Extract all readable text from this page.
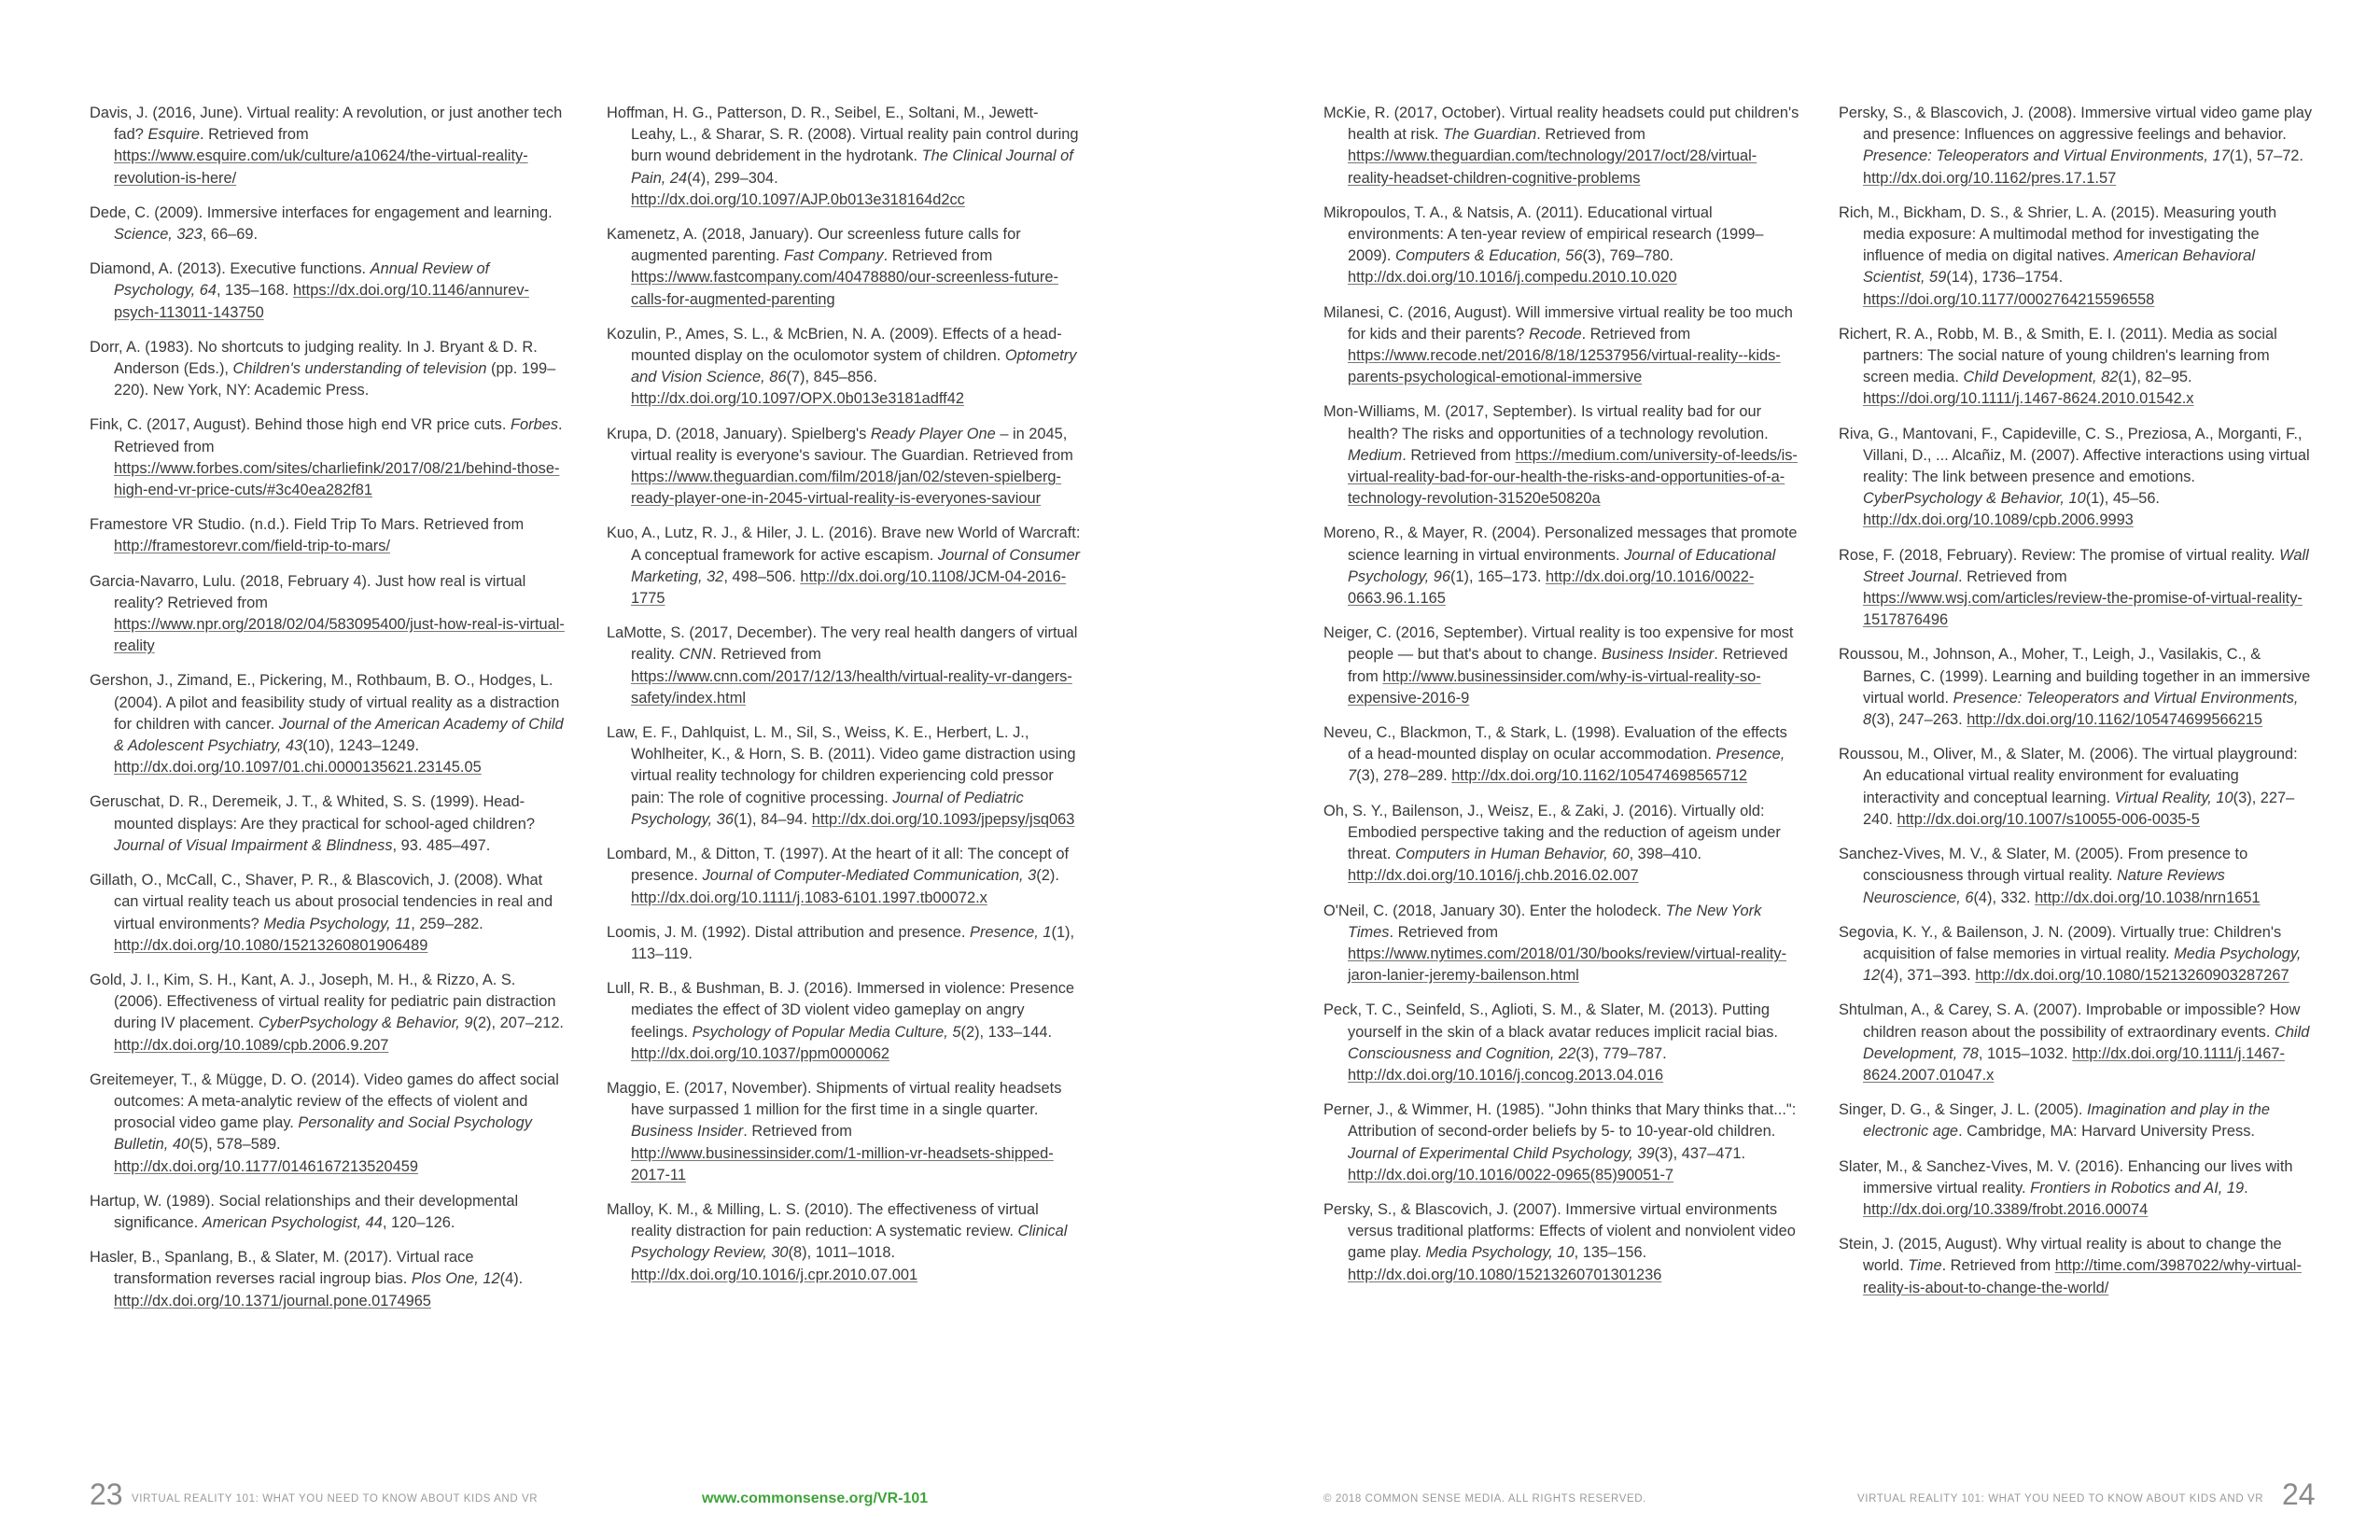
Davis, J. (2016, June). Virtual reality: A revolution, or just another tech fad? Esquire. Retrieved from https://www.esquire.com/uk/culture/a10624/the-virtual-reality-revolution-is-here/

Dede, C. (2009). Immersive interfaces for engagement and learning. Science, 323, 66–69.

Diamond, A. (2013). Executive functions. Annual Review of Psychology, 64, 135–168. https://dx.doi.org/10.1146/annurev-psych-113011-143750

Dorr, A. (1983). No shortcuts to judging reality. In J. Bryant & D. R. Anderson (Eds.), Children's understanding of television (pp. 199–220). New York, NY: Academic Press.

Fink, C. (2017, August). Behind those high end VR price cuts. Forbes. Retrieved from https://www.forbes.com/sites/charliefink/2017/08/21/behind-those-high-end-vr-price-cuts/#3c40ea282f81

Framestore VR Studio. (n.d.). Field Trip To Mars. Retrieved from http://framestorevr.com/field-trip-to-mars/

Garcia-Navarro, Lulu. (2018, February 4). Just how real is virtual reality? Retrieved from https://www.npr.org/2018/02/04/583095400/just-how-real-is-virtual-reality

Gershon, J., Zimand, E., Pickering, M., Rothbaum, B. O., Hodges, L. (2004). A pilot and feasibility study of virtual reality as a distraction for children with cancer. Journal of the American Academy of Child & Adolescent Psychiatry, 43(10), 1243–1249. http://dx.doi.org/10.1097/01.chi.0000135621.23145.05

Geruschat, D. R., Deremeik, J. T., & Whited, S. S. (1999). Head-mounted displays: Are they practical for school-aged children? Journal of Visual Impairment & Blindness, 93. 485–497.

Gillath, O., McCall, C., Shaver, P. R., & Blascovich, J. (2008). What can virtual reality teach us about prosocial tendencies in real and virtual environments? Media Psychology, 11, 259–282. http://dx.doi.org/10.1080/15213260801906489

Gold, J. I., Kim, S. H., Kant, A. J., Joseph, M. H., & Rizzo, A. S. (2006). Effectiveness of virtual reality for pediatric pain distraction during IV placement. CyberPsychology & Behavior, 9(2), 207–212. http://dx.doi.org/10.1089/cpb.2006.9.207

Greitemeyer, T., & Mügge, D. O. (2014). Video games do affect social outcomes: A meta-analytic review of the effects of violent and prosocial video game play. Personality and Social Psychology Bulletin, 40(5), 578–589. http://dx.doi.org/10.1177/0146167213520459

Hartup, W. (1989). Social relationships and their developmental significance. American Psychologist, 44, 120–126.

Hasler, B., Spanlang, B., & Slater, M. (2017). Virtual race transformation reverses racial ingroup bias. Plos One, 12(4). http://dx.doi.org/10.1371/journal.pone.0174965

Hoffman, H. G., Patterson, D. R., Seibel, E., Soltani, M., Jewett-Leahy, L., & Sharar, S. R. (2008). Virtual reality pain control during burn wound debridement in the hydrotank. The Clinical Journal of Pain, 24(4), 299–304. http://dx.doi.org/10.1097/AJP.0b013e318164d2cc

Kamenetz, A. (2018, January). Our screenless future calls for augmented parenting. Fast Company. Retrieved from https://www.fastcompany.com/40478880/our-screenless-future-calls-for-augmented-parenting

Kozulin, P., Ames, S. L., & McBrien, N. A. (2009). Effects of a head-mounted display on the oculomotor system of children. Optometry and Vision Science, 86(7), 845–856. http://dx.doi.org/10.1097/OPX.0b013e3181adff42

Krupa, D. (2018, January). Spielberg's Ready Player One – in 2045, virtual reality is everyone's saviour. The Guardian. Retrieved from https://www.theguardian.com/film/2018/jan/02/steven-spielberg-ready-player-one-in-2045-virtual-reality-is-everyones-saviour

Kuo, A., Lutz, R. J., & Hiler, J. L. (2016). Brave new World of Warcraft: A conceptual framework for active escapism. Journal of Consumer Marketing, 32, 498–506. http://dx.doi.org/10.1108/JCM-04-2016-1775

LaMotte, S. (2017, December). The very real health dangers of virtual reality. CNN. Retrieved from https://www.cnn.com/2017/12/13/health/virtual-reality-vr-dangers-safety/index.html

Law, E. F., Dahlquist, L. M., Sil, S., Weiss, K. E., Herbert, L. J., Wohlheiter, K., & Horn, S. B. (2011). Video game distraction using virtual reality technology for children experiencing cold pressor pain: The role of cognitive processing. Journal of Pediatric Psychology, 36(1), 84–94. http://dx.doi.org/10.1093/jpepsy/jsq063

Lombard, M., & Ditton, T. (1997). At the heart of it all: The concept of presence. Journal of Computer-Mediated Communication, 3(2). http://dx.doi.org/10.1111/j.1083-6101.1997.tb00072.x

Loomis, J. M. (1992). Distal attribution and presence. Presence, 1(1), 113–119.

Lull, R. B., & Bushman, B. J. (2016). Immersed in violence: Presence mediates the effect of 3D violent video gameplay on angry feelings. Psychology of Popular Media Culture, 5(2), 133–144. http://dx.doi.org/10.1037/ppm0000062

Maggio, E. (2017, November). Shipments of virtual reality headsets have surpassed 1 million for the first time in a single quarter. Business Insider. Retrieved from http://www.businessinsider.com/1-million-vr-headsets-shipped-2017-11

Malloy, K. M., & Milling, L. S. (2010). The effectiveness of virtual reality distraction for pain reduction: A systematic review. Clinical Psychology Review, 30(8), 1011–1018. http://dx.doi.org/10.1016/j.cpr.2010.07.001

McKie, R. (2017, October). Virtual reality headsets could put children's health at risk. The Guardian. Retrieved from https://www.theguardian.com/technology/2017/oct/28/virtual-reality-headset-children-cognitive-problems

Mikropoulos, T. A., & Natsis, A. (2011). Educational virtual environments: A ten-year review of empirical research (1999–2009). Computers & Education, 56(3), 769–780. http://dx.doi.org/10.1016/j.compedu.2010.10.020

Milanesi, C. (2016, August). Will immersive virtual reality be too much for kids and their parents? Recode. Retrieved from https://www.recode.net/2016/8/18/12537956/virtual-reality--kids-parents-psychological-emotional-immersive

Mon-Williams, M. (2017, September). Is virtual reality bad for our health? The risks and opportunities of a technology revolution. Medium. Retrieved from https://medium.com/university-of-leeds/is-virtual-reality-bad-for-our-health-the-risks-and-opportunities-of-a-technology-revolution-31520e50820a

Moreno, R., & Mayer, R. (2004). Personalized messages that promote science learning in virtual environments. Journal of Educational Psychology, 96(1), 165–173. http://dx.doi.org/10.1016/0022-0663.96.1.165

Neiger, C. (2016, September). Virtual reality is too expensive for most people — but that's about to change. Business Insider. Retrieved from http://www.businessinsider.com/why-is-virtual-reality-so-expensive-2016-9

Neveu, C., Blackmon, T., & Stark, L. (1998). Evaluation of the effects of a head-mounted display on ocular accommodation. Presence, 7(3), 278–289. http://dx.doi.org/10.1162/105474698565712

Oh, S. Y., Bailenson, J., Weisz, E., & Zaki, J. (2016). Virtually old: Embodied perspective taking and the reduction of ageism under threat. Computers in Human Behavior, 60, 398–410. http://dx.doi.org/10.1016/j.chb.2016.02.007

O'Neil, C. (2018, January 30). Enter the holodeck. The New York Times. Retrieved from https://www.nytimes.com/2018/01/30/books/review/virtual-reality-jaron-lanier-jeremy-bailenson.html

Peck, T. C., Seinfeld, S., Aglioti, S. M., & Slater, M. (2013). Putting yourself in the skin of a black avatar reduces implicit racial bias. Consciousness and Cognition, 22(3), 779–787. http://dx.doi.org/10.1016/j.concog.2013.04.016

Perner, J., & Wimmer, H. (1985). "John thinks that Mary thinks that...": Attribution of second-order beliefs by 5- to 10-year-old children. Journal of Experimental Child Psychology, 39(3), 437–471. http://dx.doi.org/10.1016/0022-0965(85)90051-7

Persky, S., & Blascovich, J. (2007). Immersive virtual environments versus traditional platforms: Effects of violent and nonviolent video game play. Media Psychology, 10, 135–156. http://dx.doi.org/10.1080/15213260701301236

Persky, S., & Blascovich, J. (2008). Immersive virtual video game play and presence: Influences on aggressive feelings and behavior. Presence: Teleoperators and Virtual Environments, 17(1), 57–72. http://dx.doi.org/10.1162/pres.17.1.57

Rich, M., Bickham, D. S., & Shrier, L. A. (2015). Measuring youth media exposure: A multimodal method for investigating the influence of media on digital natives. American Behavioral Scientist, 59(14), 1736–1754. https://doi.org/10.1177/0002764215596558

Richert, R. A., Robb, M. B., & Smith, E. I. (2011). Media as social partners: The social nature of young children's learning from screen media. Child Development, 82(1), 82–95. https://doi.org/10.1111/j.1467-8624.2010.01542.x

Riva, G., Mantovani, F., Capideville, C. S., Preziosa, A., Morganti, F., Villani, D., ... Alcañiz, M. (2007). Affective interactions using virtual reality: The link between presence and emotions. CyberPsychology & Behavior, 10(1), 45–56. http://dx.doi.org/10.1089/cpb.2006.9993

Rose, F. (2018, February). Review: The promise of virtual reality. Wall Street Journal. Retrieved from https://www.wsj.com/articles/review-the-promise-of-virtual-reality-1517876496

Roussou, M., Johnson, A., Moher, T., Leigh, J., Vasilakis, C., & Barnes, C. (1999). Learning and building together in an immersive virtual world. Presence: Teleoperators and Virtual Environments, 8(3), 247–263. http://dx.doi.org/10.1162/105474699566215

Roussou, M., Oliver, M., & Slater, M. (2006). The virtual playground: An educational virtual reality environment for evaluating interactivity and conceptual learning. Virtual Reality, 10(3), 227–240. http://dx.doi.org/10.1007/s10055-006-0035-5

Sanchez-Vives, M. V., & Slater, M. (2005). From presence to consciousness through virtual reality. Nature Reviews Neuroscience, 6(4), 332. http://dx.doi.org/10.1038/nrn1651

Segovia, K. Y., & Bailenson, J. N. (2009). Virtually true: Children's acquisition of false memories in virtual reality. Media Psychology, 12(4), 371–393. http://dx.doi.org/10.1080/15213260903287267

Shtulman, A., & Carey, S. A. (2007). Improbable or impossible? How children reason about the possibility of extraordinary events. Child Development, 78, 1015–1032. http://dx.doi.org/10.1111/j.1467-8624.2007.01047.x

Singer, D. G., & Singer, J. L. (2005). Imagination and play in the electronic age. Cambridge, MA: Harvard University Press.

Slater, M., & Sanchez-Vives, M. V. (2016). Enhancing our lives with immersive virtual reality. Frontiers in Robotics and AI, 19. http://dx.doi.org/10.3389/frobt.2016.00074

Stein, J. (2015, August). Why virtual reality is about to change the world. Time. Retrieved from http://time.com/3987022/why-virtual-reality-is-about-to-change-the-world/

23 VIRTUAL REALITY 101: WHAT YOU NEED TO KNOW ABOUT KIDS AND VR	www.commonsense.org/VR-101	© 2018 COMMON SENSE MEDIA. ALL RIGHTS RESERVED.	VIRTUAL REALITY 101: WHAT YOU NEED TO KNOW ABOUT KIDS AND VR 24
